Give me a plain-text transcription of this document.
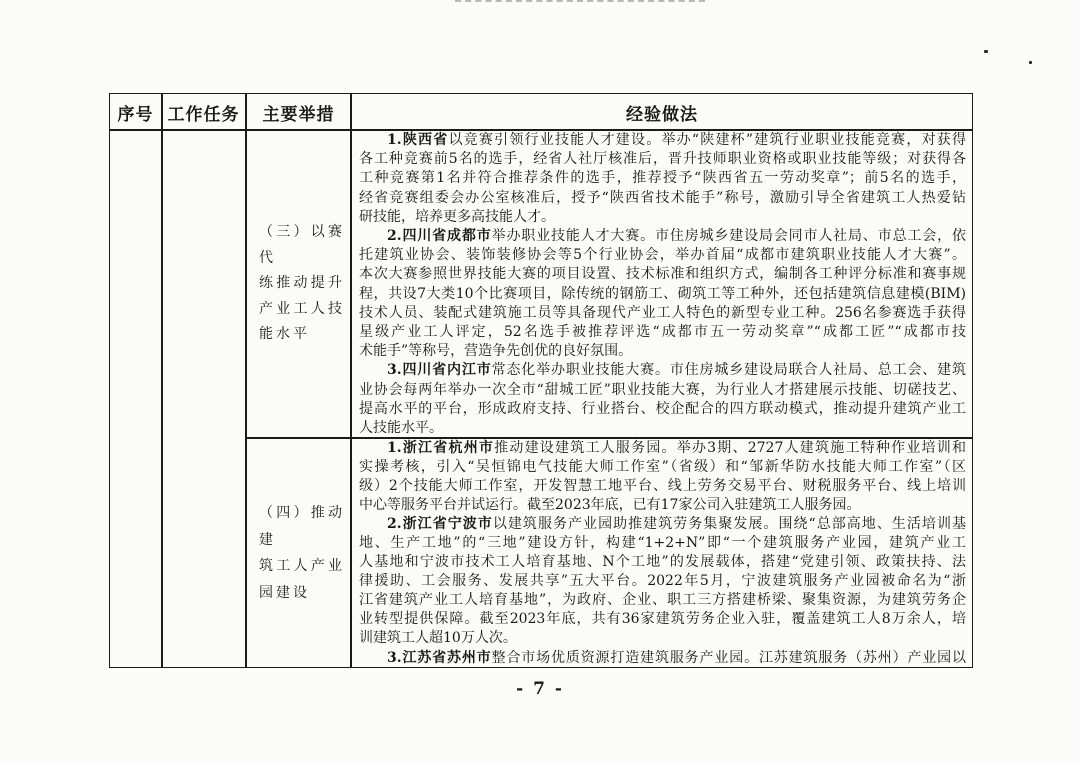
序号 工作任务	主要举措	经验做法
（三）以赛代
练推动提升
产业工人技
能水平
1.陕西省以竞赛引领行业技能人才建设。举办“陕建杯”建筑行业职业技能竞赛，对获得
各工种竞赛前5名的选手，经省人社厅核准后，晋升技师职业资格或职业技能等级；对获得各
工种竞赛第1名并符合推荐条件的选手，推荐授予“陕西省五一劳动奖章”；前5名的选手，
经省竞赛组委会办公室核准后，授予“陕西省技术能手”称号，激励引导全省建筑工人热爱钻
研技能，培养更多高技能人才。
2.四川省成都市举办职业技能人才大赛。市住房城乡建设局会同市人社局、市总工会，依
托建筑业协会、装饰装修协会等5个行业协会，举办首届“成都市建筑职业技能人才大赛”。
本次大赛参照世界技能大赛的项目设置、技术标准和组织方式，编制各工种评分标准和赛事规
程，共设7大类10个比赛项目，除传统的钢筋工、砌筑工等工种外，还包括建筑信息建模(BIM)
技术人员、装配式建筑施工员等具备现代产业工人特色的新型专业工种。256名参赛选手获得
星级产业工人评定，52名选手被推荐评选“成都市五一劳动奖章”“成都工匠”“成都市技
术能手”等称号，营造争先创优的良好氛围。
3.四川省内江市常态化举办职业技能大赛。市住房城乡建设局联合人社局、总工会、建筑
业协会每两年举办一次全市“甜城工匠”职业技能大赛，为行业人才搭建展示技能、切磋技艺、
提高水平的平台，形成政府支持、行业搭台、校企配合的四方联动模式，推动提升建筑产业工
人技能水平。
（四）推动建
筑工人产业
园建设
1.浙江省杭州市推动建设建筑工人服务园。举办3期、2727人建筑施工特种作业培训和
实操考核，引入“吴恒锦电气技能大师工作室”（省级）和“邹新华防水技能大师工作室”（区
级）2个技能大师工作室，开发智慧工地平台、线上劳务交易平台、财税服务平台、线上培训
中心等服务平台并试运行。截至2023年底，已有17家公司入驻建筑工人服务园。
2.浙江省宁波市以建筑服务产业园助推建筑劳务集聚发展。围绕“总部高地、生活培训基
地、生产工地”的“三地”建设方针，构建“1+2+N”即“一个建筑服务产业园，建筑产业工
人基地和宁波市技术工人培育基地、N个工地”的发展载体，搭建“党建引领、政策扶持、法
律援助、工会服务、发展共享”五大平台。2022年5月，宁波建筑服务产业园被命名为“浙
江省建筑产业工人培育基地”，为政府、企业、职工三方搭建桥梁、聚集资源，为建筑劳务企
业转型提供保障。截至2023年底，共有36家建筑劳务企业入驻，覆盖建筑工人8万余人，培
训建筑工人超10万人次。
3.江苏省苏州市整合市场优质资源打造建筑服务产业园。江苏建筑服务（苏州）产业园以
- 7 -
